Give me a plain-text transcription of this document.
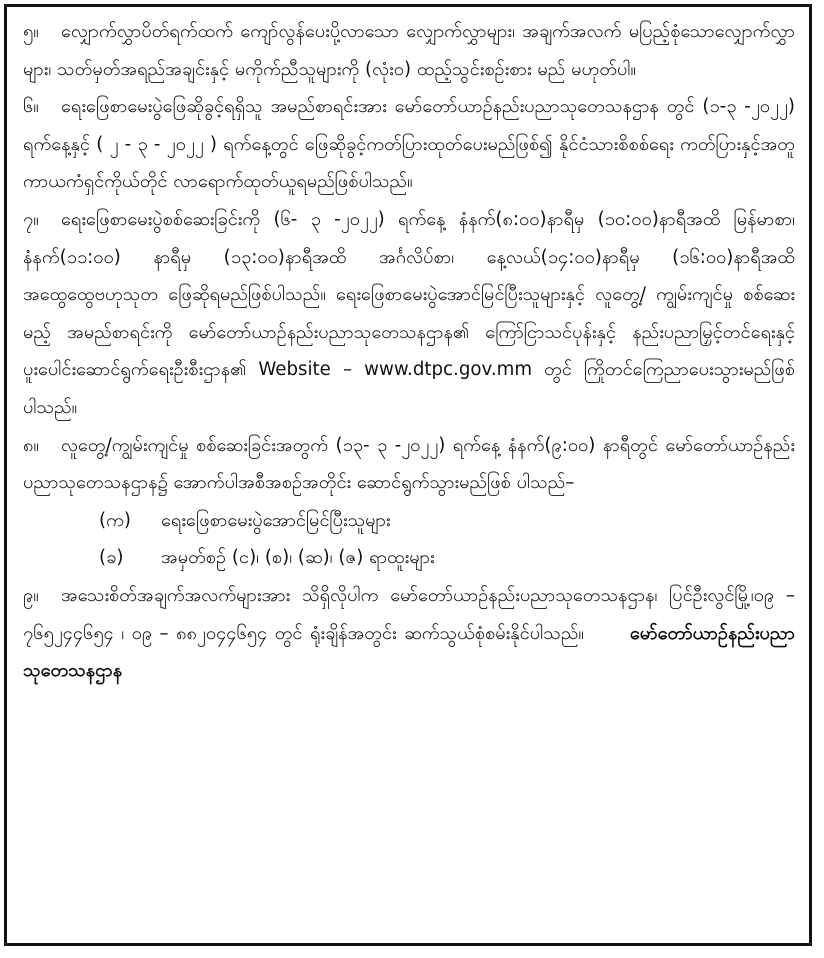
၅။ လျှောက်လွှာပိတ်ရက်ထက် ကျော်လွန်ပေးပို့လာသော လျှောက်လွှာများ၊ အချက်အလက် မပြည့်စုံသောလျှောက်လွှာများ၊ သတ်မှတ်အရည်အချင်းနှင့် မကိုက်ညီသူများကို (လုံး၀) ထည့်သွင်းစဉ်းစား မည် မဟုတ်ပါ။

၆။ ရေးဖြေစာမေးပွဲဖြေဆိုခွင့်ရရှိသူ အမည်စာရင်းအား မော်တော်ယာဉ်နည်းပညာသုတေသနဌာန တွင် (၁-၃ -၂၀၂၂) ရက်နေ့နှင့် ( ၂ - ၃ - ၂၀၂၂ ) ရက်နေ့တွင် ဖြေဆိုခွင့်ကတ်ပြားထုတ်ပေးမည်ဖြစ်၍ နိုင်ငံသားစိစစ်ရေး ကတ်ပြားနှင့်အတူ ကာယကံရှင်ကိုယ်တိုင် လာရောက်ထုတ်ယူရမည်ဖြစ်ပါသည်။

၇။ ရေးဖြေစာမေးပွဲစစ်ဆေးခြင်းကို (၆- ၃ -၂၀၂၂) ရက်နေ့ နံနက်(၈:၀၀)နာရီမှ (၁၀:၀၀)နာရီအထိ မြန်မာစာ၊ နံနက်(၁၁:၀၀) နာရီမှ (၁၃:၀၀)နာရီအထိ အင်္ဂလိပ်စာ၊ နေ့လယ်(၁၄:၀၀)နာရီမှ (၁၆:၀၀)နာရီအထိ အထွေထွေဗဟုသုတ ဖြေဆိုရမည်ဖြစ်ပါသည်။ ရေးဖြေစာမေးပွဲအောင်မြင်ပြီးသူများနှင့် လူတွေ့/ ကျွမ်းကျင်မှု စစ်ဆေးမည့် အမည်စာရင်းကို မော်တော်ယာဉ်နည်းပညာသုတေသနဌာန၏ ကြော်ငြာသင်ပုန်းနှင့် နည်းပညာမြှင့်တင်ရေးနှင့်ပူးပေါင်းဆောင်ရွက်ရေးဦးစီးဌာန၏ Website – www.dtpc.gov.mm တွင် ကြိုတင်ကြေညာပေးသွားမည်ဖြစ်ပါသည်။

၈။ လူတွေ့/ကျွမ်းကျင်မှု စစ်ဆေးခြင်းအတွက် (၁၃- ၃ -၂၀၂၂) ရက်နေ့ နံနက်(၉:၀၀) နာရီတွင် မော်တော်ယာဉ်နည်းပညာသုတေသနဌာန၌ အောက်ပါအစီအစဉ်အတိုင်း ဆောင်ရွက်သွားမည်ဖြစ် ပါသည်–

(က) ရေးဖြေစာမေးပွဲအောင်မြင်ပြီးသူများ

(ခ) အမှတ်စဉ် (င)၊ (စ)၊ (ဆ)၊ (ဇ) ရာထူးများ

၉။ အသေးစိတ်အချက်အလက်များအား သိရှိလိုပါက မော်တော်ယာဉ်နည်းပညာသုတေသနဌာန၊ ပြင်ဦးလွင်မြို့၊၀၉ – ၇၆၅၂၄၄၆၅၄ ၊ ၀၉ – ၈၈၂၀၄၄၆၅၄ တွင် ရုံးချိန်အတွင်း ဆက်သွယ်စုံစမ်းနိုင်ပါသည်။	မော်တော်ယာဉ်နည်းပညာသုတေသနဌာန
